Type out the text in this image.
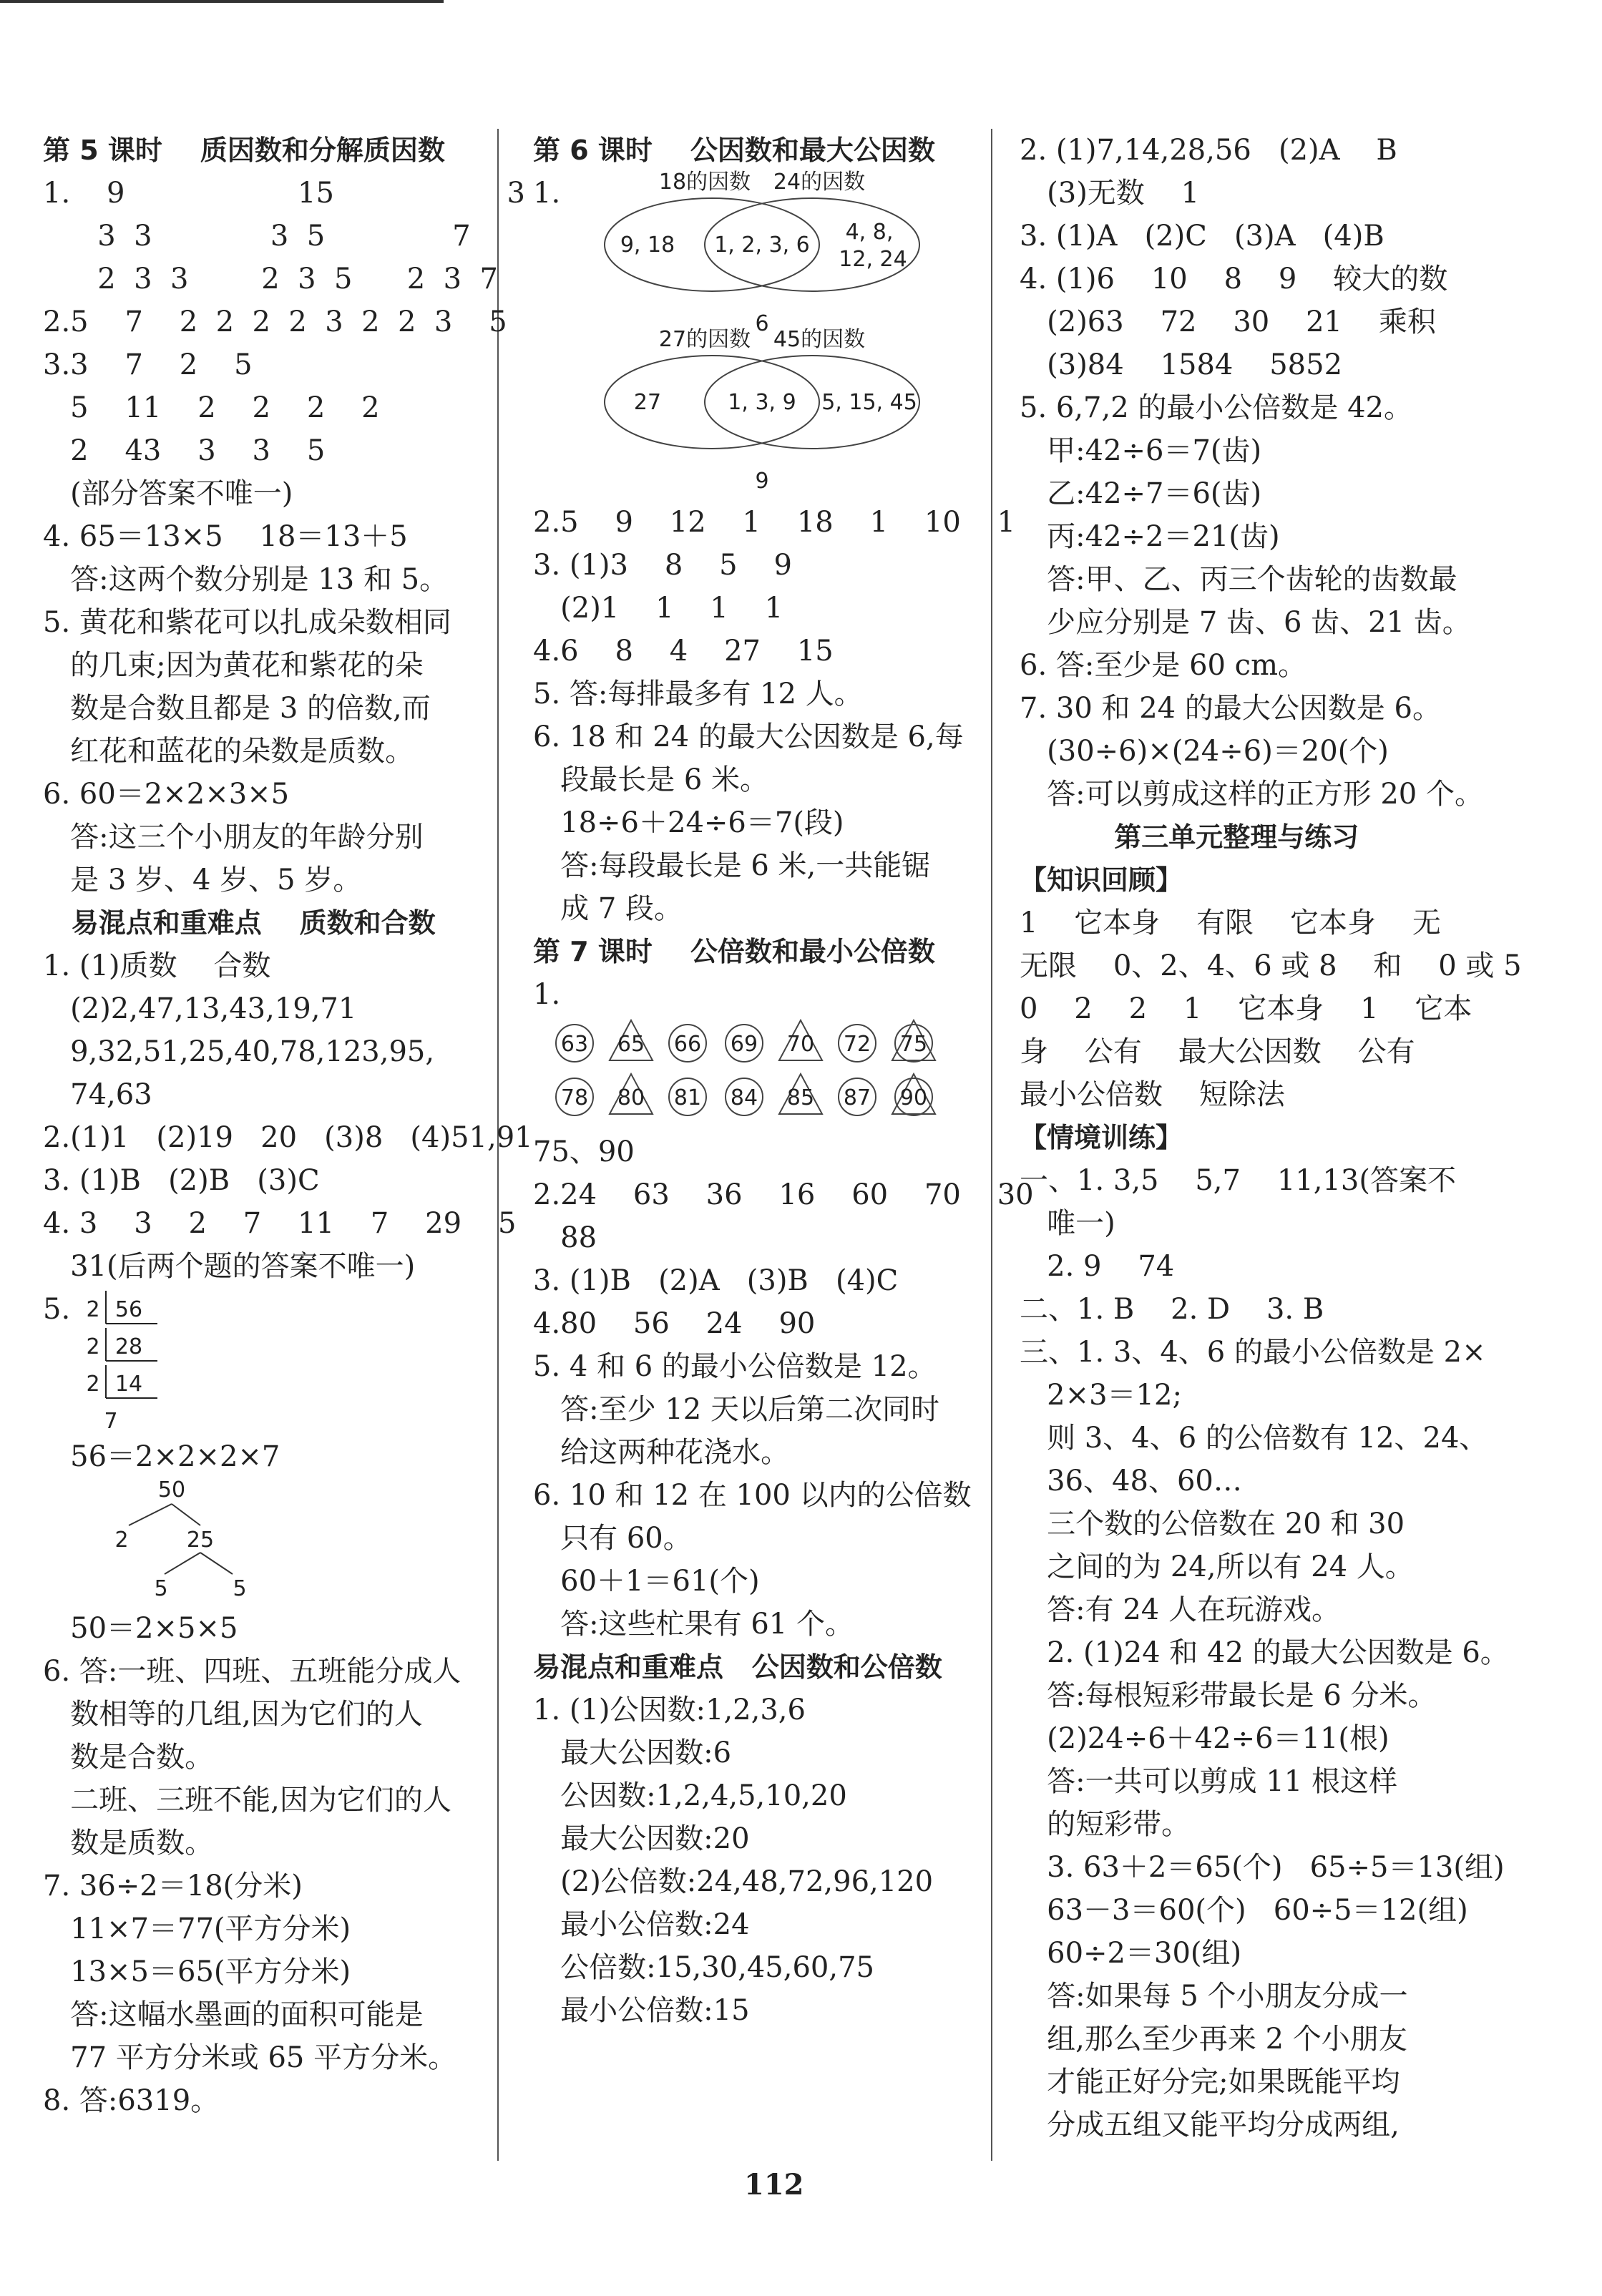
第 5 课时    质因数和分解质因数
1.    9                   15                   3
3  3             3  5              7
2  3  3        2  3  5      2  3  7
2.5    7    2  2  2  2  3  2  2  3    5
3.3    7    2    5
5    11    2    2    2    2
2    43    3    3    5
(部分答案不唯一)
4. 65＝13×5    18＝13＋5
答:这两个数分别是 13 和 5。
5. 黄花和紫花可以扎成朵数相同
的几束;因为黄花和紫花的朵
数是合数且都是 3 的倍数,而
红花和蓝花的朵数是质数。
6. 60＝2×2×3×5
答:这三个小朋友的年龄分别
是 3 岁、4 岁、5 岁。
易混点和重难点    质数和合数
1. (1)质数    合数
(2)2,47,13,43,19,71
9,32,51,25,40,78,123,95,
74,63
2.(1)1   (2)19   20   (3)8   (4)51,91
3. (1)B   (2)B   (3)C
4. 3    3    2    7    11    7    29    5
31(后两个题的答案不唯一)
5. 2 56
2 28
2 14
7
56＝2×2×2×7
50
2	25
5	5
50＝2×5×5
6. 答:一班、四班、五班能分成人
数相等的几组,因为它们的人
数是合数。
二班、三班不能,因为它们的人
数是质数。
7. 36÷2＝18(分米)
11×7＝77(平方分米)
13×5＝65(平方分米)
答:这幅水墨画的面积可能是
77 平方分米或 65 平方分米。
8. 答:6319。
第 6 课时    公因数和最大公因数
1.	18的因数 24的因数
9, 18 1, 2, 3, 6
4, 8,
12, 24
6
27的因数 45的因数
27	1, 3, 9 5, 15, 45
9
2.5    9    12    1    18    1    10    1
3. (1)3    8    5    9
(2)1    1    1    1
4.6    8    4    27    15
5. 答:每排最多有 12 人。
6. 18 和 24 的最大公因数是 6,每
段最长是 6 米。
18÷6＋24÷6＝7(段)
答:每段最长是 6 米,一共能锯
成 7 段。
第 7 课时    公倍数和最小公倍数
1.
63 65 66 69 70 72 75
78 80 81 84 85 87 90
75、90
2.24    63    36    16    60    70    30
88
3. (1)B   (2)A   (3)B   (4)C
4.80    56    24    90
5. 4 和 6 的最小公倍数是 12。
答:至少 12 天以后第二次同时
给这两种花浇水。
6. 10 和 12 在 100 以内的公倍数
只有 60。
60＋1＝61(个)
答:这些杧果有 61 个。
易混点和重难点   公因数和公倍数
1. (1)公因数:1,2,3,6
最大公因数:6
公因数:1,2,4,5,10,20
最大公因数:20
(2)公倍数:24,48,72,96,120
最小公倍数:24
公倍数:15,30,45,60,75
最小公倍数:15
2. (1)7,14,28,56   (2)A    B
(3)无数    1
3. (1)A   (2)C   (3)A   (4)B
4. (1)6    10    8    9    较大的数
(2)63    72    30    21    乘积
(3)84    1584    5852
5. 6,7,2 的最小公倍数是 42。
甲:42÷6＝7(齿)
乙:42÷7＝6(齿)
丙:42÷2＝21(齿)
答:甲、乙、丙三个齿轮的齿数最
少应分别是 7 齿、6 齿、21 齿。
6. 答:至少是 60 cm。
7. 30 和 24 的最大公因数是 6。
(30÷6)×(24÷6)＝20(个)
答:可以剪成这样的正方形 20 个。
第三单元整理与练习
【知识回顾】
1    它本身    有限    它本身    无
无限    0、2、4、6 或 8    和    0 或 5
0    2    2    1    它本身    1    它本
身    公有    最大公因数    公有
最小公倍数    短除法
【情境训练】
一、1. 3,5    5,7    11,13(答案不
唯一)
2. 9    74
二、1. B    2. D    3. B
三、1. 3、4、6 的最小公倍数是 2×
2×3＝12;
则 3、4、6 的公倍数有 12、24、
36、48、60…
三个数的公倍数在 20 和 30
之间的为 24,所以有 24 人。
答:有 24 人在玩游戏。
2. (1)24 和 42 的最大公因数是 6。
答:每根短彩带最长是 6 分米。
(2)24÷6＋42÷6＝11(根)
答:一共可以剪成 11 根这样
的短彩带。
3. 63＋2＝65(个)   65÷5＝13(组)
63－3＝60(个)   60÷5＝12(组)
60÷2＝30(组)
答:如果每 5 个小朋友分成一
组,那么至少再来 2 个小朋友
才能正好分完;如果既能平均
分成五组又能平均分成两组,
112
